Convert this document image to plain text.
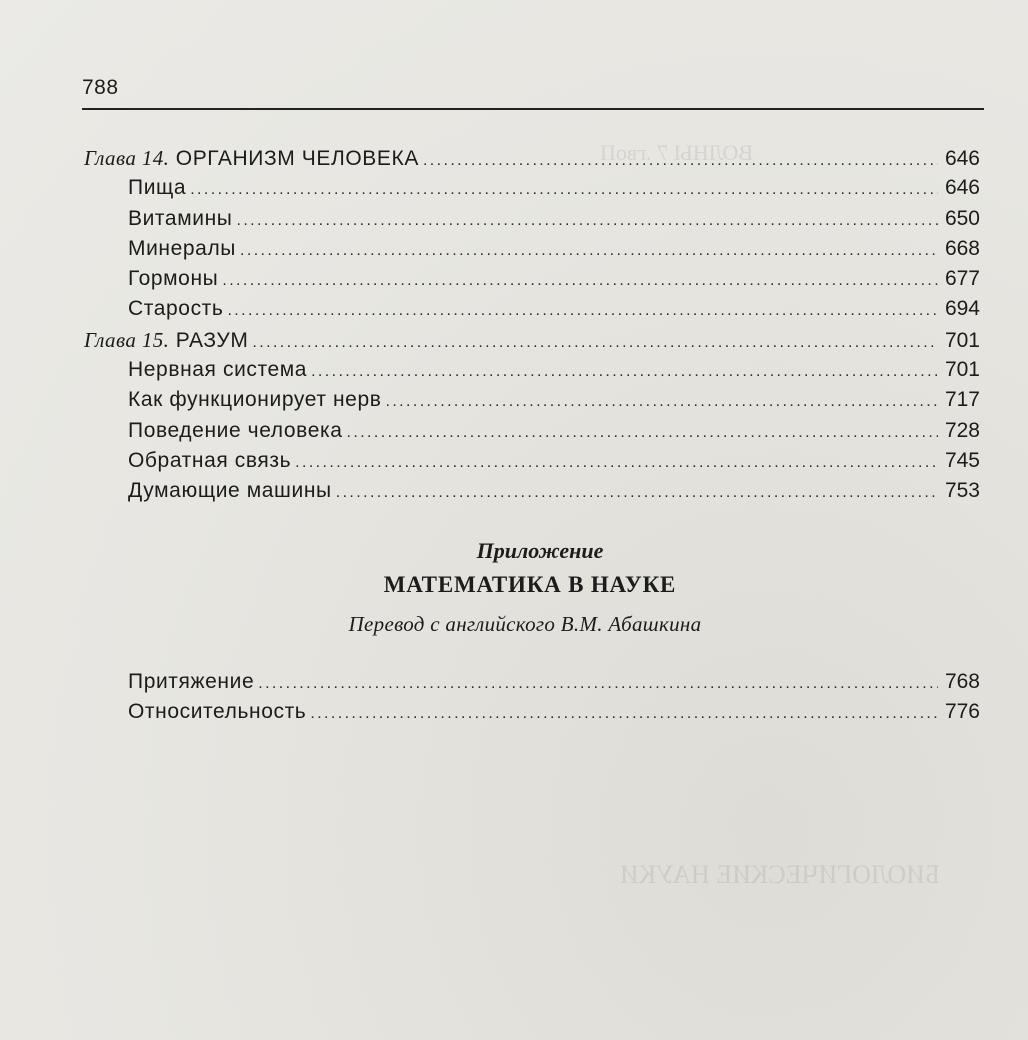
ВОЛНЫ 7 .гвоП
БИОЛОГИЧЕСКИЕ НАУКИ
788
Глава 14. ОРГАНИЗМ ЧЕЛОВЕКА .....	646
Пища .....	646
Витамины .....	650
Минералы .....	668
Гормоны .....	677
Старость .....	694
Глава 15. РАЗУМ .....	701
Нервная система .....	701
Как функционирует нерв .....	717
Поведение человека .....	728
Обратная связь .....	745
Думающие машины .....	753
Приложение
МАТЕМАТИКА В НАУКЕ
Перевод с английского В.М. Абашкина
Притяжение .....	768
Относительность .....	776
